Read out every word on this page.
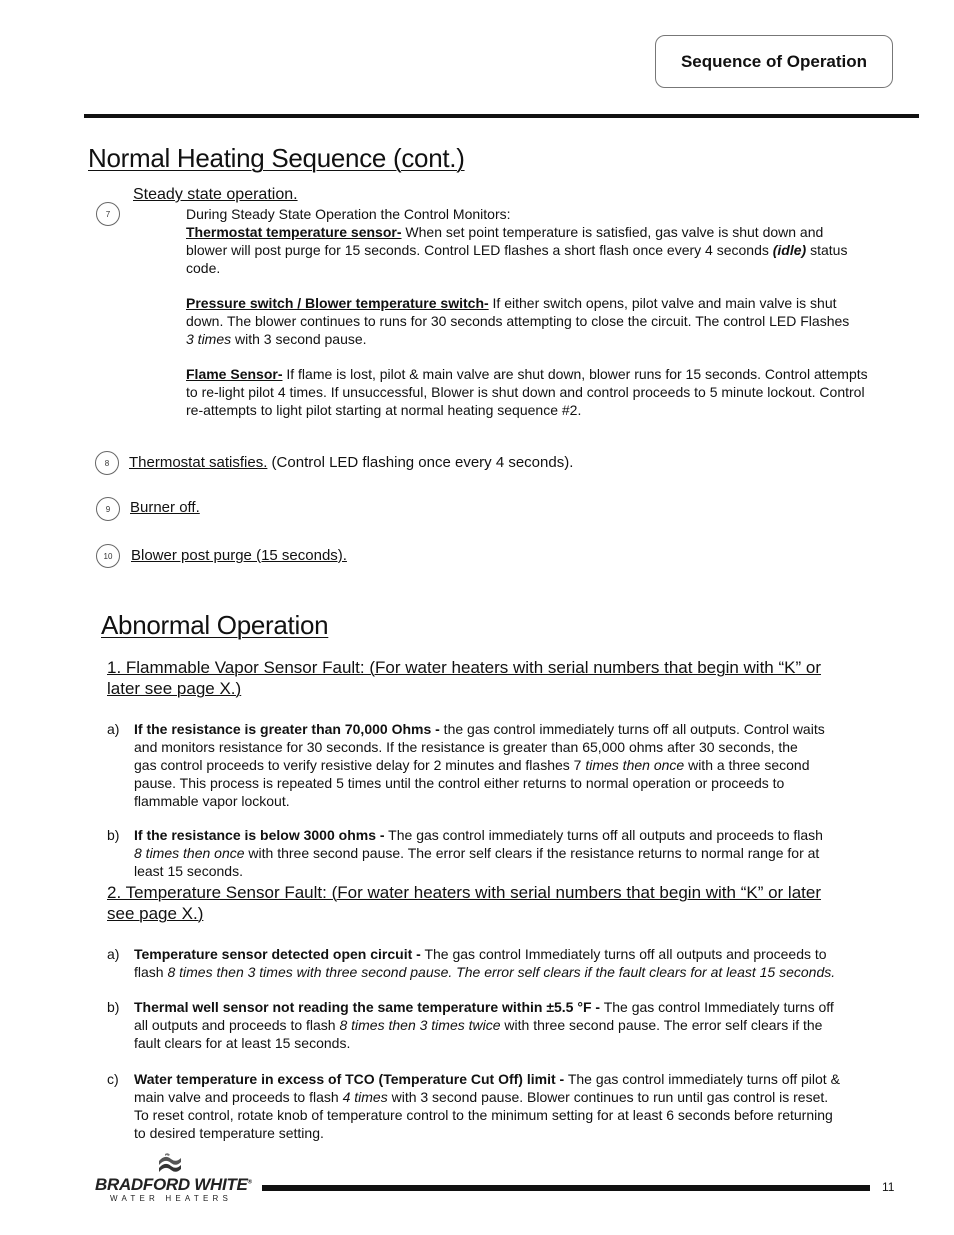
Sequence of Operation
Normal Heating Sequence (cont.)
7
Steady state operation.
During Steady State Operation the Control Monitors:
Thermostat temperature sensor- When set point temperature is satisfied, gas valve is shut down and
blower will post purge for 15 seconds. Control LED flashes a short flash once every 4 seconds (idle) status
code.
Pressure switch / Blower temperature switch- If either switch opens, pilot valve and main valve is shut
down. The blower continues to runs for 30 seconds attempting to close the circuit. The control LED Flashes
3 times with 3 second pause.
Flame Sensor- If flame is lost, pilot & main valve are shut down, blower runs for 15 seconds. Control attempts
to re-light pilot 4 times. If unsuccessful, Blower is shut down and control proceeds to 5 minute lockout. Control
re-attempts to light pilot starting at normal heating sequence #2.
8 Thermostat satisfies. (Control LED flashing once every 4 seconds).
9 Burner off.
10 Blower post purge (15 seconds).
Abnormal Operation
1. Flammable Vapor Sensor Fault: (For water heaters with serial numbers that begin with “K” or
later see page X.)
a) If the resistance is greater than 70,000 Ohms - the gas control immediately turns off all outputs. Control waits
and monitors resistance for 30 seconds. If the resistance is greater than 65,000 ohms after 30 seconds, the
gas control proceeds to verify resistive delay for 2 minutes and flashes 7 times then once with a three second
pause. This process is repeated 5 times until the control either returns to normal operation or proceeds to
flammable vapor lockout.
b) If the resistance is below 3000 ohms - The gas control immediately turns off all outputs and proceeds to flash
8 times then once with three second pause. The error self clears if the resistance returns to normal range for at
least 15 seconds.
2. Temperature Sensor Fault: (For water heaters with serial numbers that begin with “K” or later
see page X.)
a) Temperature sensor detected open circuit - The gas control Immediately turns off all outputs and proceeds to
flash 8 times then 3 times with three second pause. The error self clears if the fault clears for at least 15 seconds.
b) Thermal well sensor not reading the same temperature within ±5.5 °F - The gas control Immediately turns off
all outputs and proceeds to flash 8 times then 3 times twice with three second pause. The error self clears if the
fault clears for at least 15 seconds.
c) Water temperature in excess of TCO (Temperature Cut Off) limit - The gas control immediately turns off pilot &
main valve and proceeds to flash 4 times with 3 second pause. Blower continues to run until gas control is reset.
To reset control, rotate knob of temperature control to the minimum setting for at least 6 seconds before returning
to desired temperature setting.
BRADFORD WHITE®
WATER HEATERS
11
